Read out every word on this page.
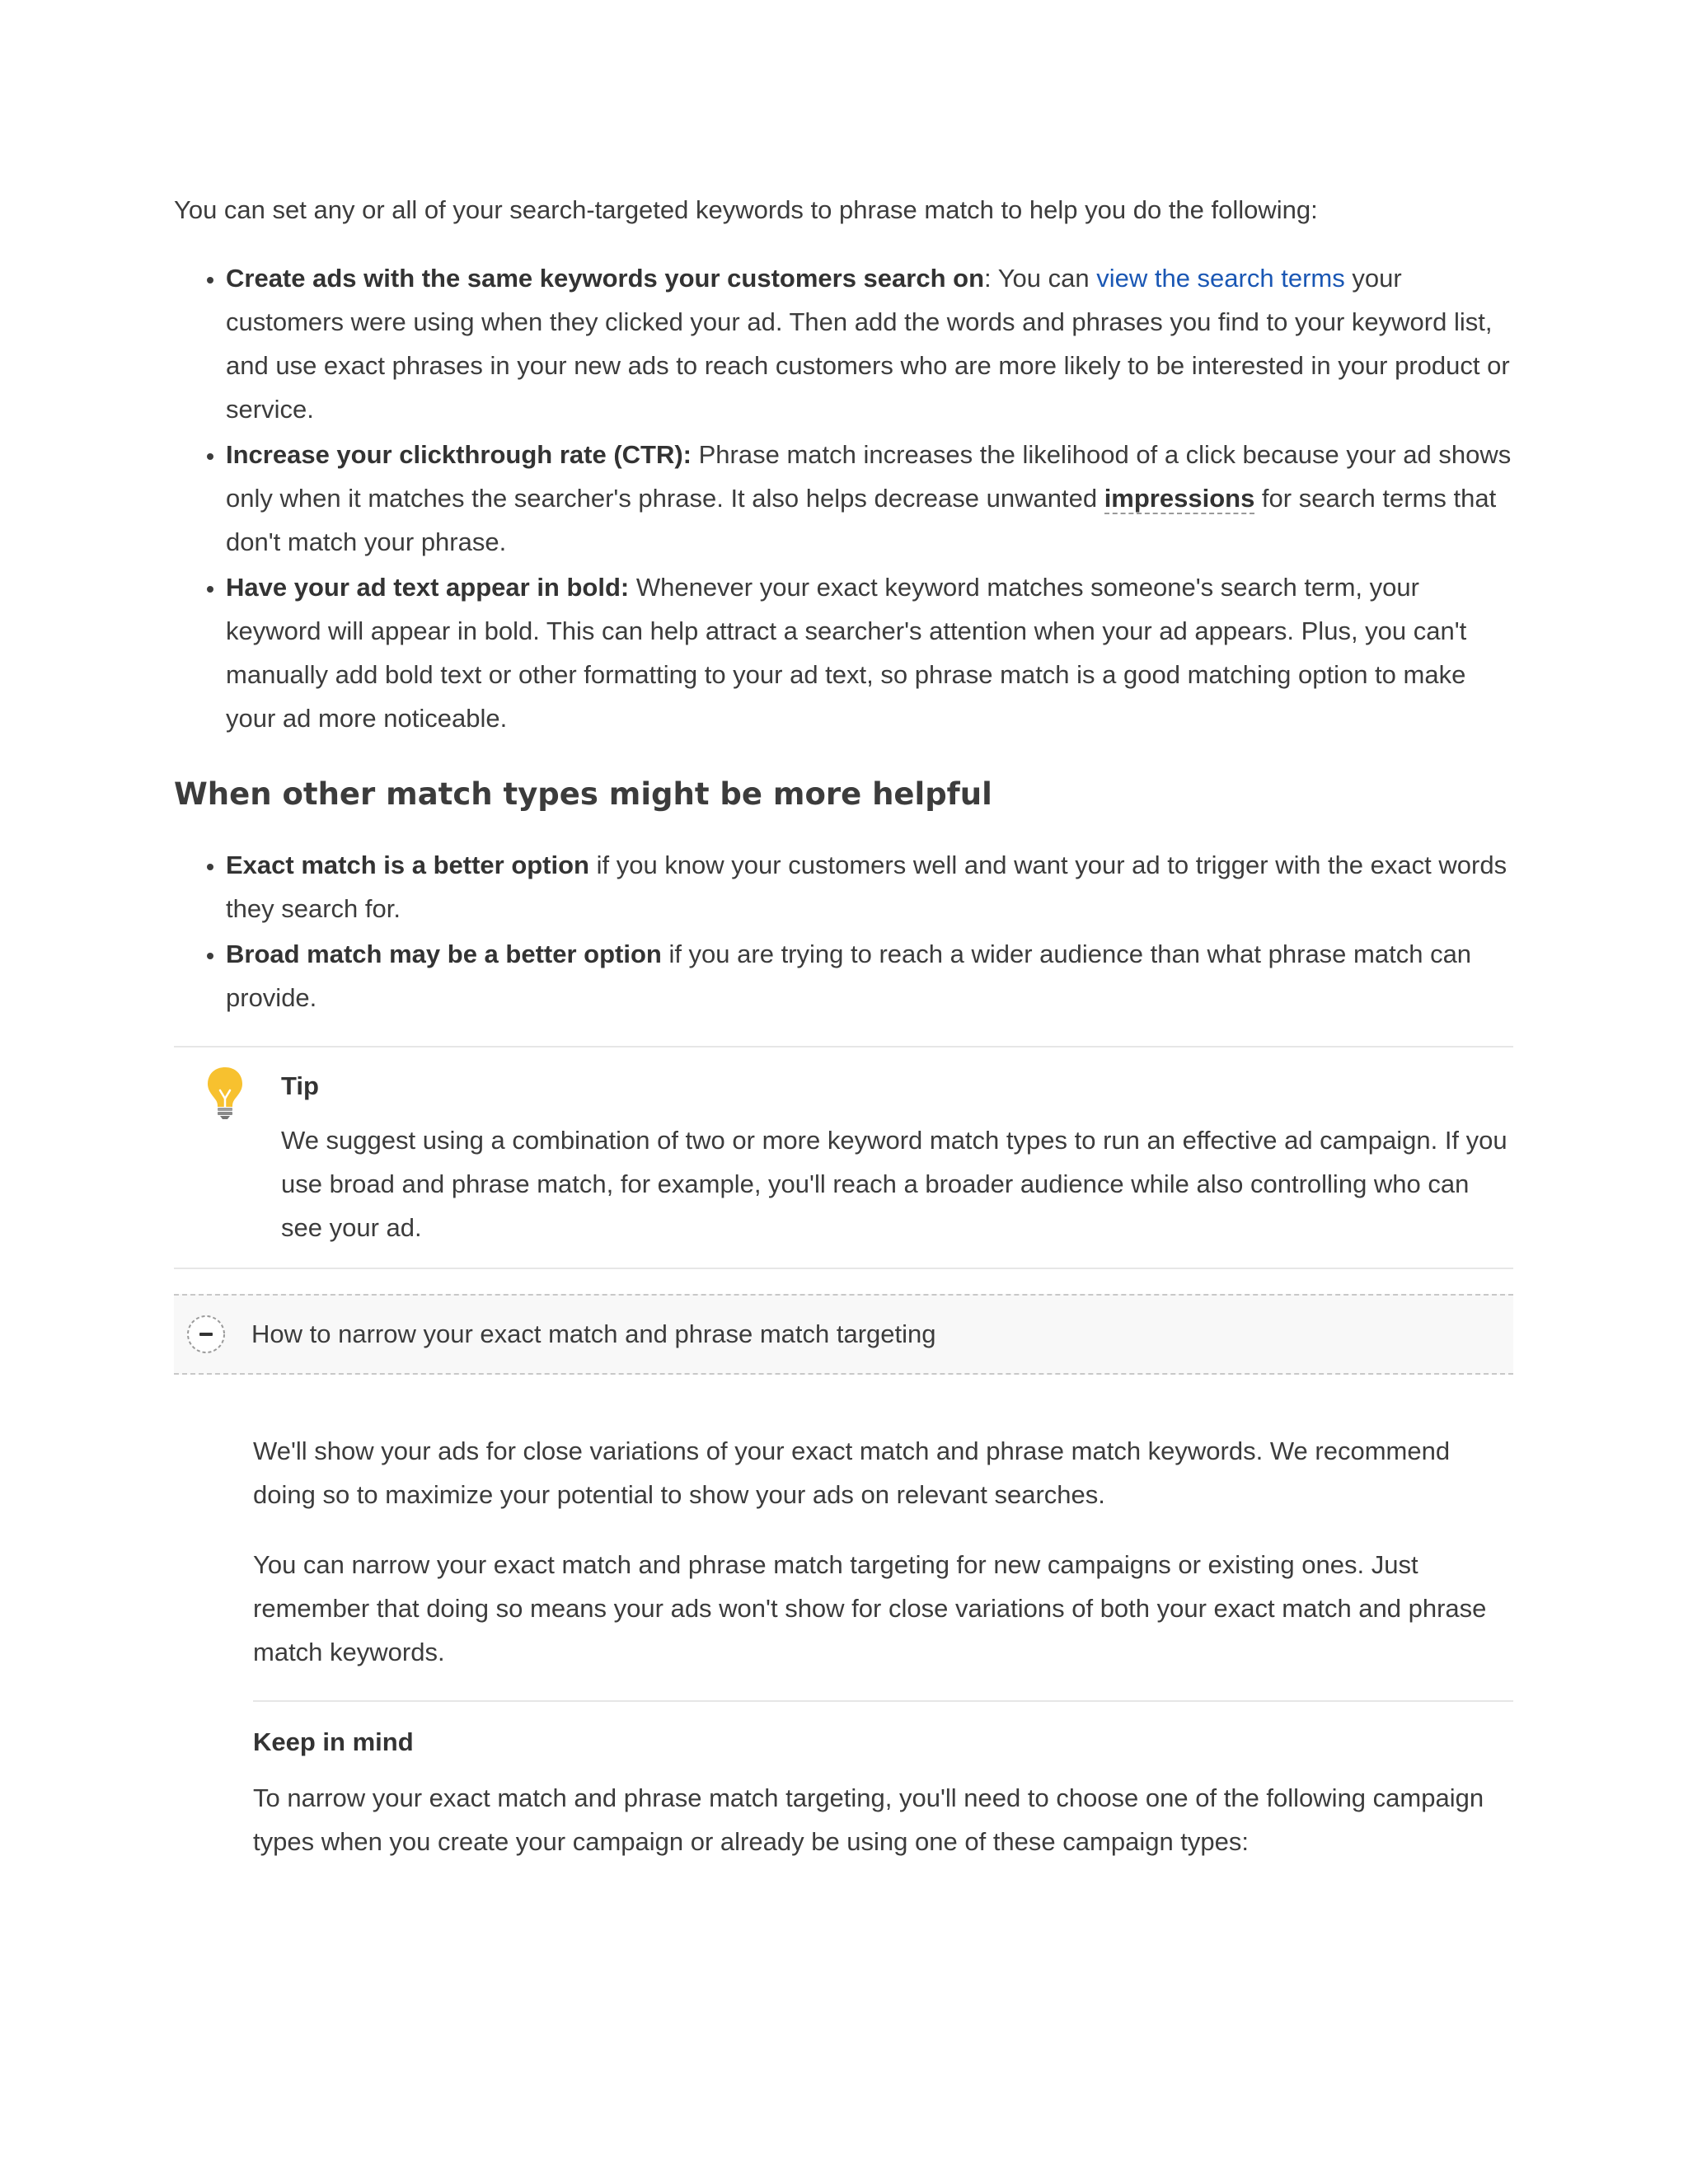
You can set any or all of your search-targeted keywords to phrase match to help you do the following:

• Create ads with the same keywords your customers search on: You can view the search terms your customers were using when they clicked your ad. Then add the words and phrases you find to your keyword list, and use exact phrases in your new ads to reach customers who are more likely to be interested in your product or service.
• Increase your clickthrough rate (CTR): Phrase match increases the likelihood of a click because your ad shows only when it matches the searcher's phrase. It also helps decrease unwanted impressions for search terms that don't match your phrase.
• Have your ad text appear in bold: Whenever your exact keyword matches someone's search term, your keyword will appear in bold. This can help attract a searcher's attention when your ad appears. Plus, you can't manually add bold text or other formatting to your ad text, so phrase match is a good matching option to make your ad more noticeable.
When other match types might be more helpful
• Exact match is a better option if you know your customers well and want your ad to trigger with the exact words they search for.
• Broad match may be a better option if you are trying to reach a wider audience than what phrase match can provide.
Tip

We suggest using a combination of two or more keyword match types to run an effective ad campaign. If you use broad and phrase match, for example, you'll reach a broader audience while also controlling who can see your ad.

How to narrow your exact match and phrase match targeting

We'll show your ads for close variations of your exact match and phrase match keywords. We recommend doing so to maximize your potential to show your ads on relevant searches.

You can narrow your exact match and phrase match targeting for new campaigns or existing ones. Just remember that doing so means your ads won't show for close variations of both your exact match and phrase match keywords.

Keep in mind

To narrow your exact match and phrase match targeting, you'll need to choose one of the following campaign types when you create your campaign or already be using one of these campaign types:
